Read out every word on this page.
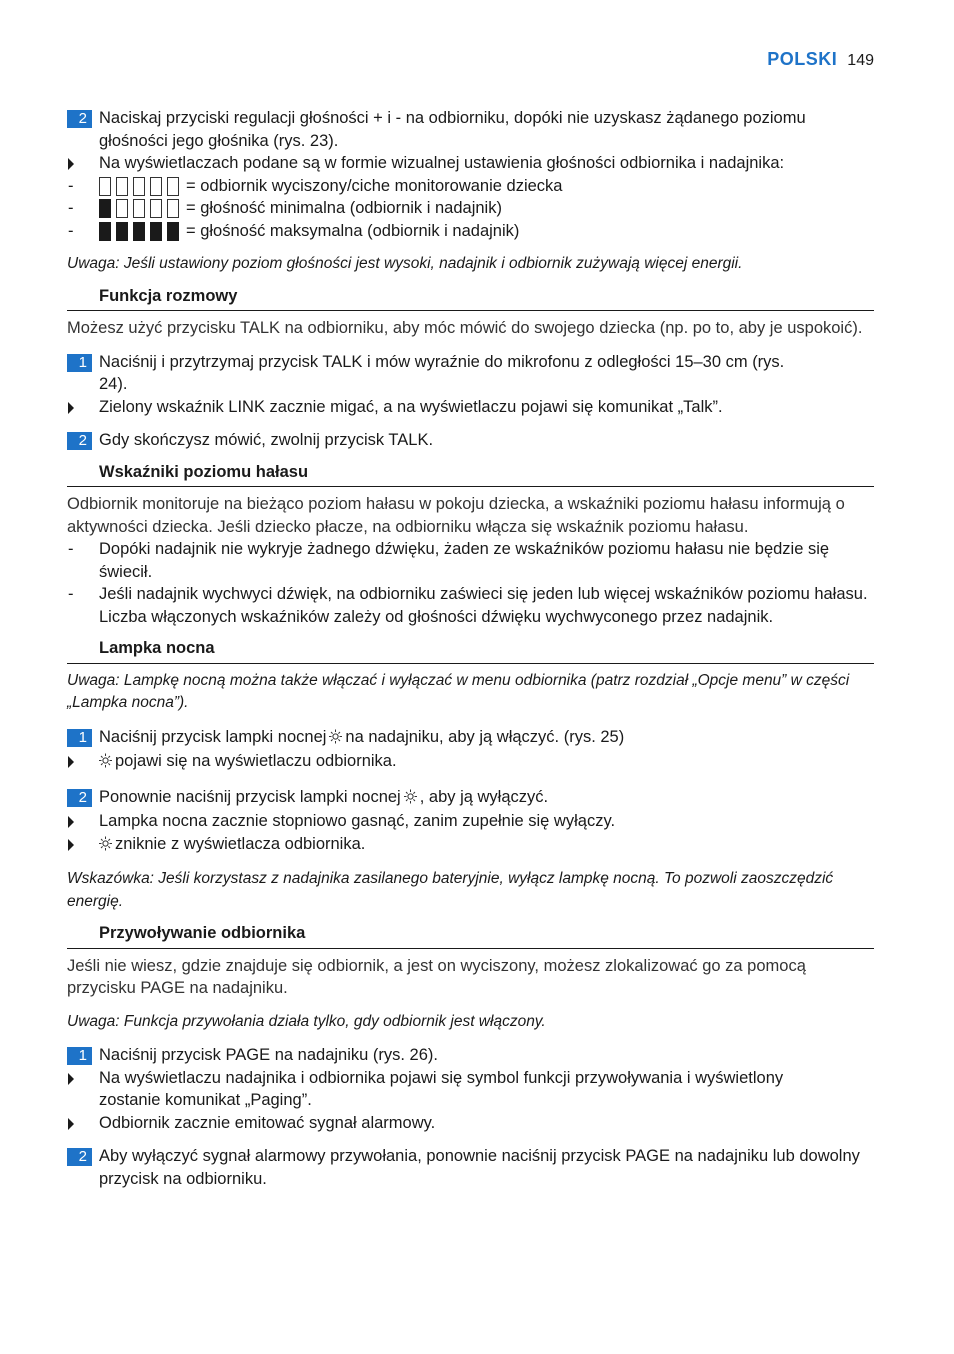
POLSKI 149
2 Naciskaj przyciski regulacji głośności + i - na odbiorniku, dopóki nie uzyskasz żądanego poziomu głośności jego głośnika (rys. 23).
Na wyświetlaczach podane są w formie wizualnej ustawienia głośności odbiornika i nadajnika:
-	= odbiornik wyciszony/ciche monitorowanie dziecka
-	= głośność minimalna (odbiornik i nadajnik)
-	= głośność maksymalna (odbiornik i nadajnik)
Uwaga: Jeśli ustawiony poziom głośności jest wysoki, nadajnik i odbiornik zużywają więcej energii.
Funkcja rozmowy
Możesz użyć przycisku TALK na odbiorniku, aby móc mówić do swojego dziecka (np. po to, aby je uspokoić).
1 Naciśnij i przytrzymaj przycisk TALK i mów wyraźnie do mikrofonu z odległości 15–30 cm (rys. 24).
Zielony wskaźnik LINK zacznie migać, a na wyświetlaczu pojawi się komunikat „Talk”.
2 Gdy skończysz mówić, zwolnij przycisk TALK.
Wskaźniki poziomu hałasu
Odbiornik monitoruje na bieżąco poziom hałasu w pokoju dziecka, a wskaźniki poziomu hałasu informują o aktywności dziecka. Jeśli dziecko płacze, na odbiorniku włącza się wskaźnik poziomu hałasu.
-	Dopóki nadajnik nie wykryje żadnego dźwięku, żaden ze wskaźników poziomu hałasu nie będzie się świecił.
-	Jeśli nadajnik wychwyci dźwięk, na odbiorniku zaświeci się jeden lub więcej wskaźników poziomu hałasu. Liczba włączonych wskaźników zależy od głośności dźwięku wychwyconego przez nadajnik.
Lampka nocna
Uwaga: Lampkę nocną można także włączać i wyłączać w menu odbiornika (patrz rozdział „Opcje menu” w części „Lampka nocna”).
1 Naciśnij przycisk lampki nocnej na nadajniku, aby ją włączyć. (rys. 25)
pojawi się na wyświetlaczu odbiornika.
2 Ponownie naciśnij przycisk lampki nocnej , aby ją wyłączyć.
Lampka nocna zacznie stopniowo gasnąć, zanim zupełnie się wyłączy.
zniknie z wyświetlacza odbiornika.
Wskazówka: Jeśli korzystasz z nadajnika zasilanego bateryjnie, wyłącz lampkę nocną. To pozwoli zaoszczędzić energię.
Przywoływanie odbiornika
Jeśli nie wiesz, gdzie znajduje się odbiornik, a jest on wyciszony, możesz zlokalizować go za pomocą przycisku PAGE na nadajniku.
Uwaga: Funkcja przywołania działa tylko, gdy odbiornik jest włączony.
1 Naciśnij przycisk PAGE na nadajniku (rys. 26).
Na wyświetlaczu nadajnika i odbiornika pojawi się symbol funkcji przywoływania i wyświetlony zostanie komunikat „Paging”.
Odbiornik zacznie emitować sygnał alarmowy.
2 Aby wyłączyć sygnał alarmowy przywołania, ponownie naciśnij przycisk PAGE na nadajniku lub dowolny przycisk na odbiorniku.
